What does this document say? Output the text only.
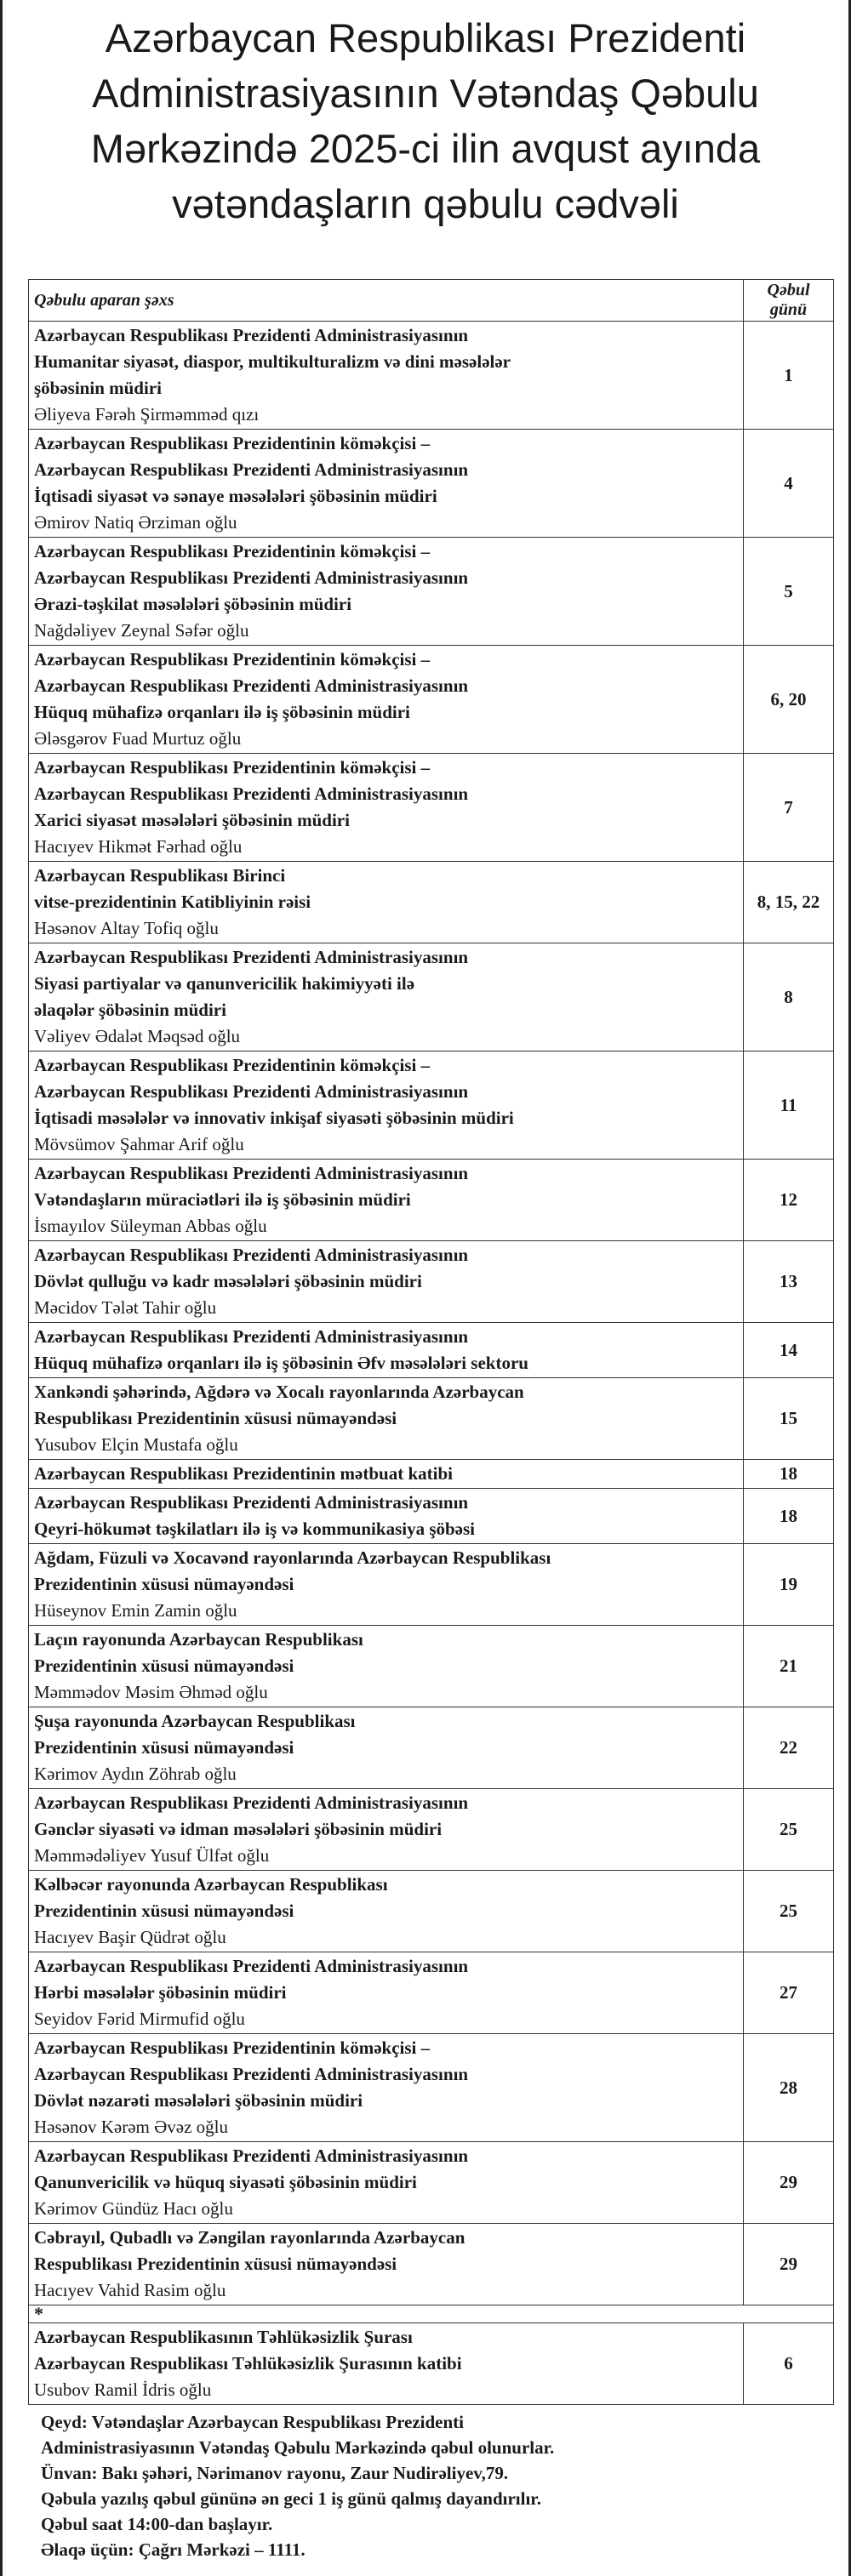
Azərbaycan Respublikası Prezidenti
Administrasiyasının Vətəndaş Qəbulu
Mərkəzində 2025-ci ilin avqust ayında
vətəndaşların qəbulu cədvəli
Qəbulu aparan şəxs	Qəbul günü

Azərbaycan Respublikası Prezidenti Administrasiyasının
Humanitar siyasət, diaspor, multikulturalizm və dini məsələlər
şöbəsinin müdiri
Əliyeva Fərəh Şirməmməd qızı	1

Azərbaycan Respublikası Prezidentinin köməkçisi –
Azərbaycan Respublikası Prezidenti Administrasiyasının
İqtisadi siyasət və sənaye məsələləri şöbəsinin müdiri
Əmirov Natiq Ərziman oğlu	4

Azərbaycan Respublikası Prezidentinin köməkçisi –
Azərbaycan Respublikası Prezidenti Administrasiyasının
Ərazi-təşkilat məsələləri şöbəsinin müdiri
Nağdəliyev Zeynal Səfər oğlu	5

Azərbaycan Respublikası Prezidentinin köməkçisi –
Azərbaycan Respublikası Prezidenti Administrasiyasının
Hüquq mühafizə orqanları ilə iş şöbəsinin müdiri
Ələsgərov Fuad Murtuz oğlu	6, 20

Azərbaycan Respublikası Prezidentinin köməkçisi –
Azərbaycan Respublikası Prezidenti Administrasiyasının
Xarici siyasət məsələləri şöbəsinin müdiri
Hacıyev Hikmət Fərhad oğlu	7

Azərbaycan Respublikası Birinci
vitse-prezidentinin Katibliyinin rəisi
Həsənov Altay Tofiq oğlu	8, 15, 22

Azərbaycan Respublikası Prezidenti Administrasiyasının
Siyasi partiyalar və qanunvericilik hakimiyyəti ilə
əlaqələr şöbəsinin müdiri
Vəliyev Ədalət Məqsəd oğlu	8

Azərbaycan Respublikası Prezidentinin köməkçisi –
Azərbaycan Respublikası Prezidenti Administrasiyasının
İqtisadi məsələlər və innovativ inkişaf siyasəti şöbəsinin müdiri
Mövsümov Şahmar Arif oğlu	11

Azərbaycan Respublikası Prezidenti Administrasiyasının
Vətəndaşların müraciətləri ilə iş şöbəsinin müdiri
İsmayılov Süleyman Abbas oğlu	12

Azərbaycan Respublikası Prezidenti Administrasiyasının
Dövlət qulluğu və kadr məsələləri şöbəsinin müdiri
Məcidov Tələt Tahir oğlu	13

Azərbaycan Respublikası Prezidenti Administrasiyasının
Hüquq mühafizə orqanları ilə iş şöbəsinin Əfv məsələləri sektoru	14

Xankəndi şəhərində, Ağdərə və Xocalı rayonlarında Azərbaycan
Respublikası Prezidentinin xüsusi nümayəndəsi
Yusubov Elçin Mustafa oğlu	15

Azərbaycan Respublikası Prezidentinin mətbuat katibi	18

Azərbaycan Respublikası Prezidenti Administrasiyasının
Qeyri-hökumət təşkilatları ilə iş və kommunikasiya şöbəsi	18

Ağdam, Füzuli və Xocavənd rayonlarında Azərbaycan Respublikası
Prezidentinin xüsusi nümayəndəsi
Hüseynov Emin Zamin oğlu	19

Laçın rayonunda Azərbaycan Respublikası
Prezidentinin xüsusi nümayəndəsi
Məmmədov Məsim Əhməd oğlu	21

Şuşa rayonunda Azərbaycan Respublikası
Prezidentinin xüsusi nümayəndəsi
Kərimov Aydın Zöhrab oğlu	22

Azərbaycan Respublikası Prezidenti Administrasiyasının
Gənclər siyasəti və idman məsələləri şöbəsinin müdiri
Məmmədəliyev Yusuf Ülfət oğlu	25

Kəlbəcər rayonunda Azərbaycan Respublikası
Prezidentinin xüsusi nümayəndəsi
Hacıyev Başir Qüdrət oğlu	25

Azərbaycan Respublikası Prezidenti Administrasiyasının
Hərbi məsələlər şöbəsinin müdiri
Seyidov Fərid Mirmufid oğlu	27

Azərbaycan Respublikası Prezidentinin köməkçisi –
Azərbaycan Respublikası Prezidenti Administrasiyasının
Dövlət nəzarəti məsələləri şöbəsinin müdiri
Həsənov Kərəm Əvəz oğlu	28

Azərbaycan Respublikası Prezidenti Administrasiyasının
Qanunvericilik və hüquq siyasəti şöbəsinin müdiri
Kərimov Gündüz Hacı oğlu	29

Cəbrayıl, Qubadlı və Zəngilan rayonlarında Azərbaycan
Respublikası Prezidentinin xüsusi nümayəndəsi
Hacıyev Vahid Rasim oğlu	29
*	

Azərbaycan Respublikasının Təhlükəsizlik Şurası
Azərbaycan Respublikası Təhlükəsizlik Şurasının katibi
Usubov Ramil İdris oğlu	6
Qeyd: Vətəndaşlar Azərbaycan Respublikası Prezidenti
Administrasiyasının Vətəndaş Qəbulu Mərkəzində qəbul olunurlar.
Ünvan: Bakı şəhəri, Nərimanov rayonu, Zaur Nudirəliyev,79.
Qəbula yazılış qəbul gününə ən geci 1 iş günü qalmış dayandırılır.
Qəbul saat 14:00-dan başlayır.
Əlaqə üçün: Çağrı Mərkəzi – 1111.
